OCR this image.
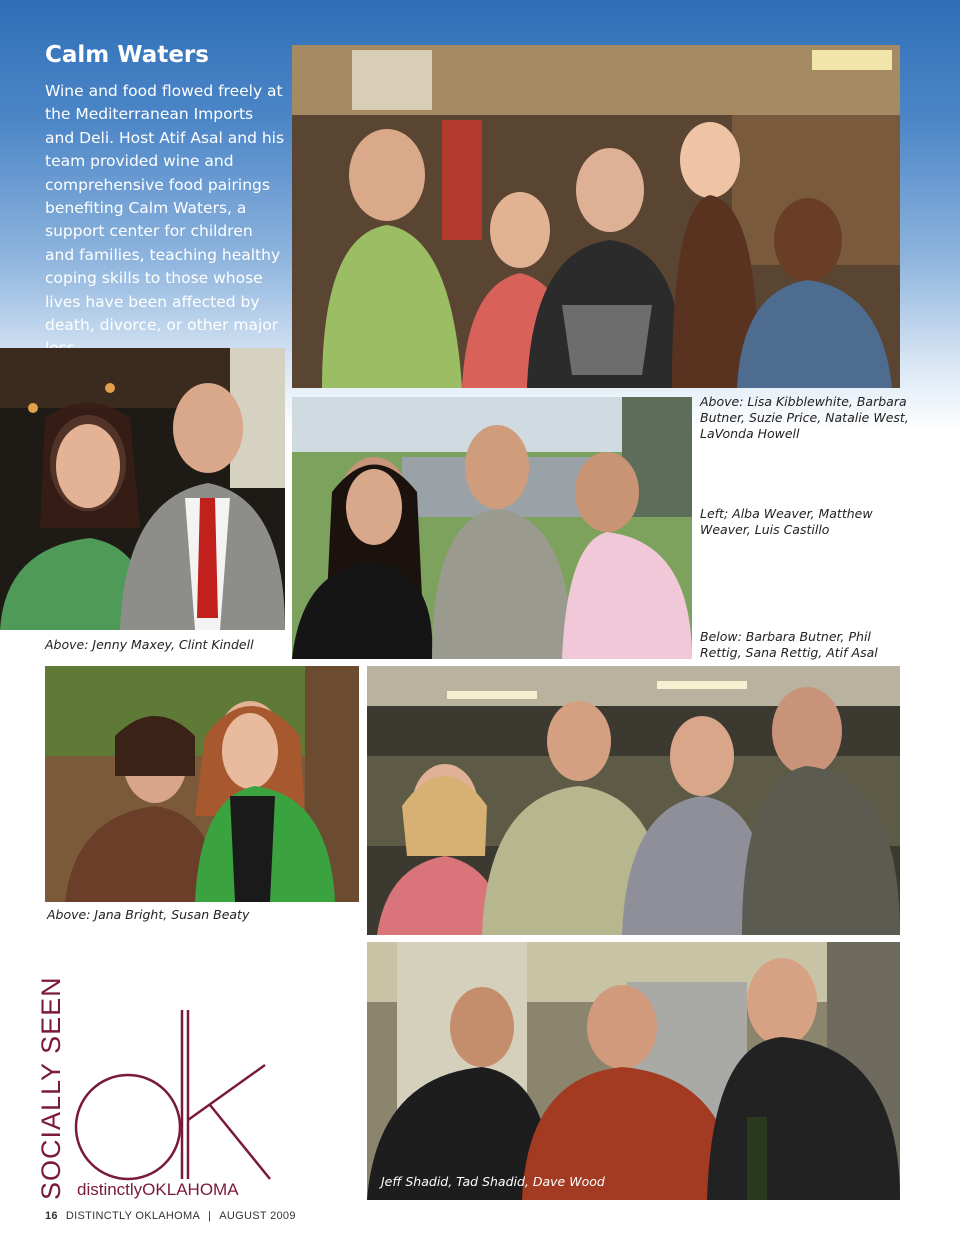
Calm Waters

Wine and food flowed freely at the Mediterranean Imports and Deli. Host Atif Asal and his team provided wine and comprehensive food pairings benefiting Calm Waters, a support center for children and families, teaching healthy coping skills to those whose lives have been affected by death, divorce, or other major

Above: Lisa Kibblewhite, Barbara Butner, Suzie Price, Natalie West, LaVonda Howell

Left; Alba Weaver, Matthew Weaver, Luis Castillo

Below: Barbara Butner, Phil Rettig, Sana Rettig, Atif Asal

Above: Jenny Maxey, Clint Kindell

Above: Jana Bright, Susan Beaty

Jeff Shadid, Tad Shadid, Dave Wood

SOCIALLY SEEN distinctlyOKLAHOMA
16 DISTINCTLY OKLAHOMA | AUGUST 2009
